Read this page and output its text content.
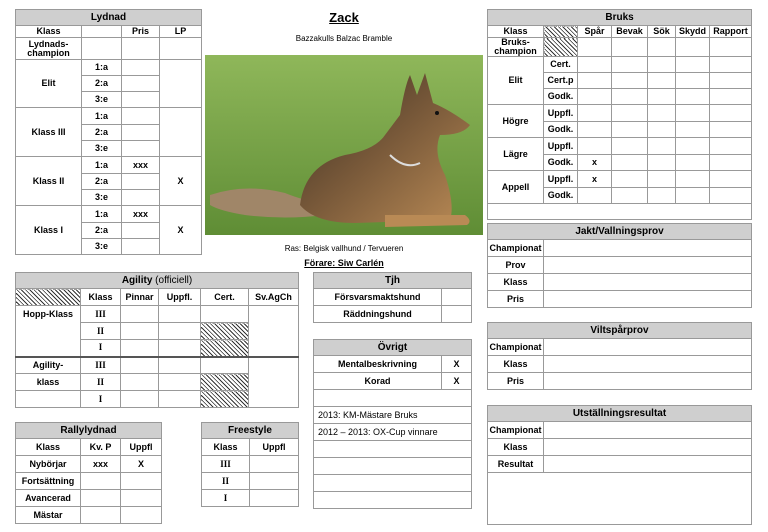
Lydnad			
Klass		Pris	LP
Lydnads-champion			
Elit	1:a		
	2:a		
	3:e		
Klass III	1:a		
	2:a		
	3:e		
Klass II	1:a	xxx	X
	2:a		
	3:e		
Klass I	1:a	xxx	X
	2:a		
	3:e		
Zack
Bazzakulls Balzac Bramble
Ras: Belgisk vallhund / Tervueren
Förare: Siw Carlén
Bruks						
Klass		Spår	Bevak	Sök	Skydd	Rapport
Bruks-champion						
Elit	Cert.					
	Cert.p					
	Godk.					
Högre	Uppfl.					
	Godk.					
Lägre	Uppfl.					
	Godk.	x				
Appell	Uppfl.	x				
	Godk.					

Jakt/Vallningsprov	
Championat	
Prov	
Klass	
Pris	
Viltspårprov	
Championat	
Klass	
Pris	
Utställningsresultat	
Championat	
Klass	
Resultat	

Agility (officiell)					
	Klass	Pinnar	Uppfl.	Cert.	Sv.AgCh
Hopp-Klass	III				
	II				
	I				
Agility-	III				
klass	II				
	I				
Tjh	
Försvarsmaktshund	
Räddningshund	
Övrigt	
Mentalbeskrivning	X
Korad	X

2013: KM-Mästare Bruks	
2012 – 2013: OX-Cup vinnare	

Rallylydnad		
Klass	Kv. P	Uppfl
Nybörjar	xxx	X
Fortsättning		
Avancerad		
Mästar		
Freestyle	
Klass	Uppfl
III	
II	
I	
